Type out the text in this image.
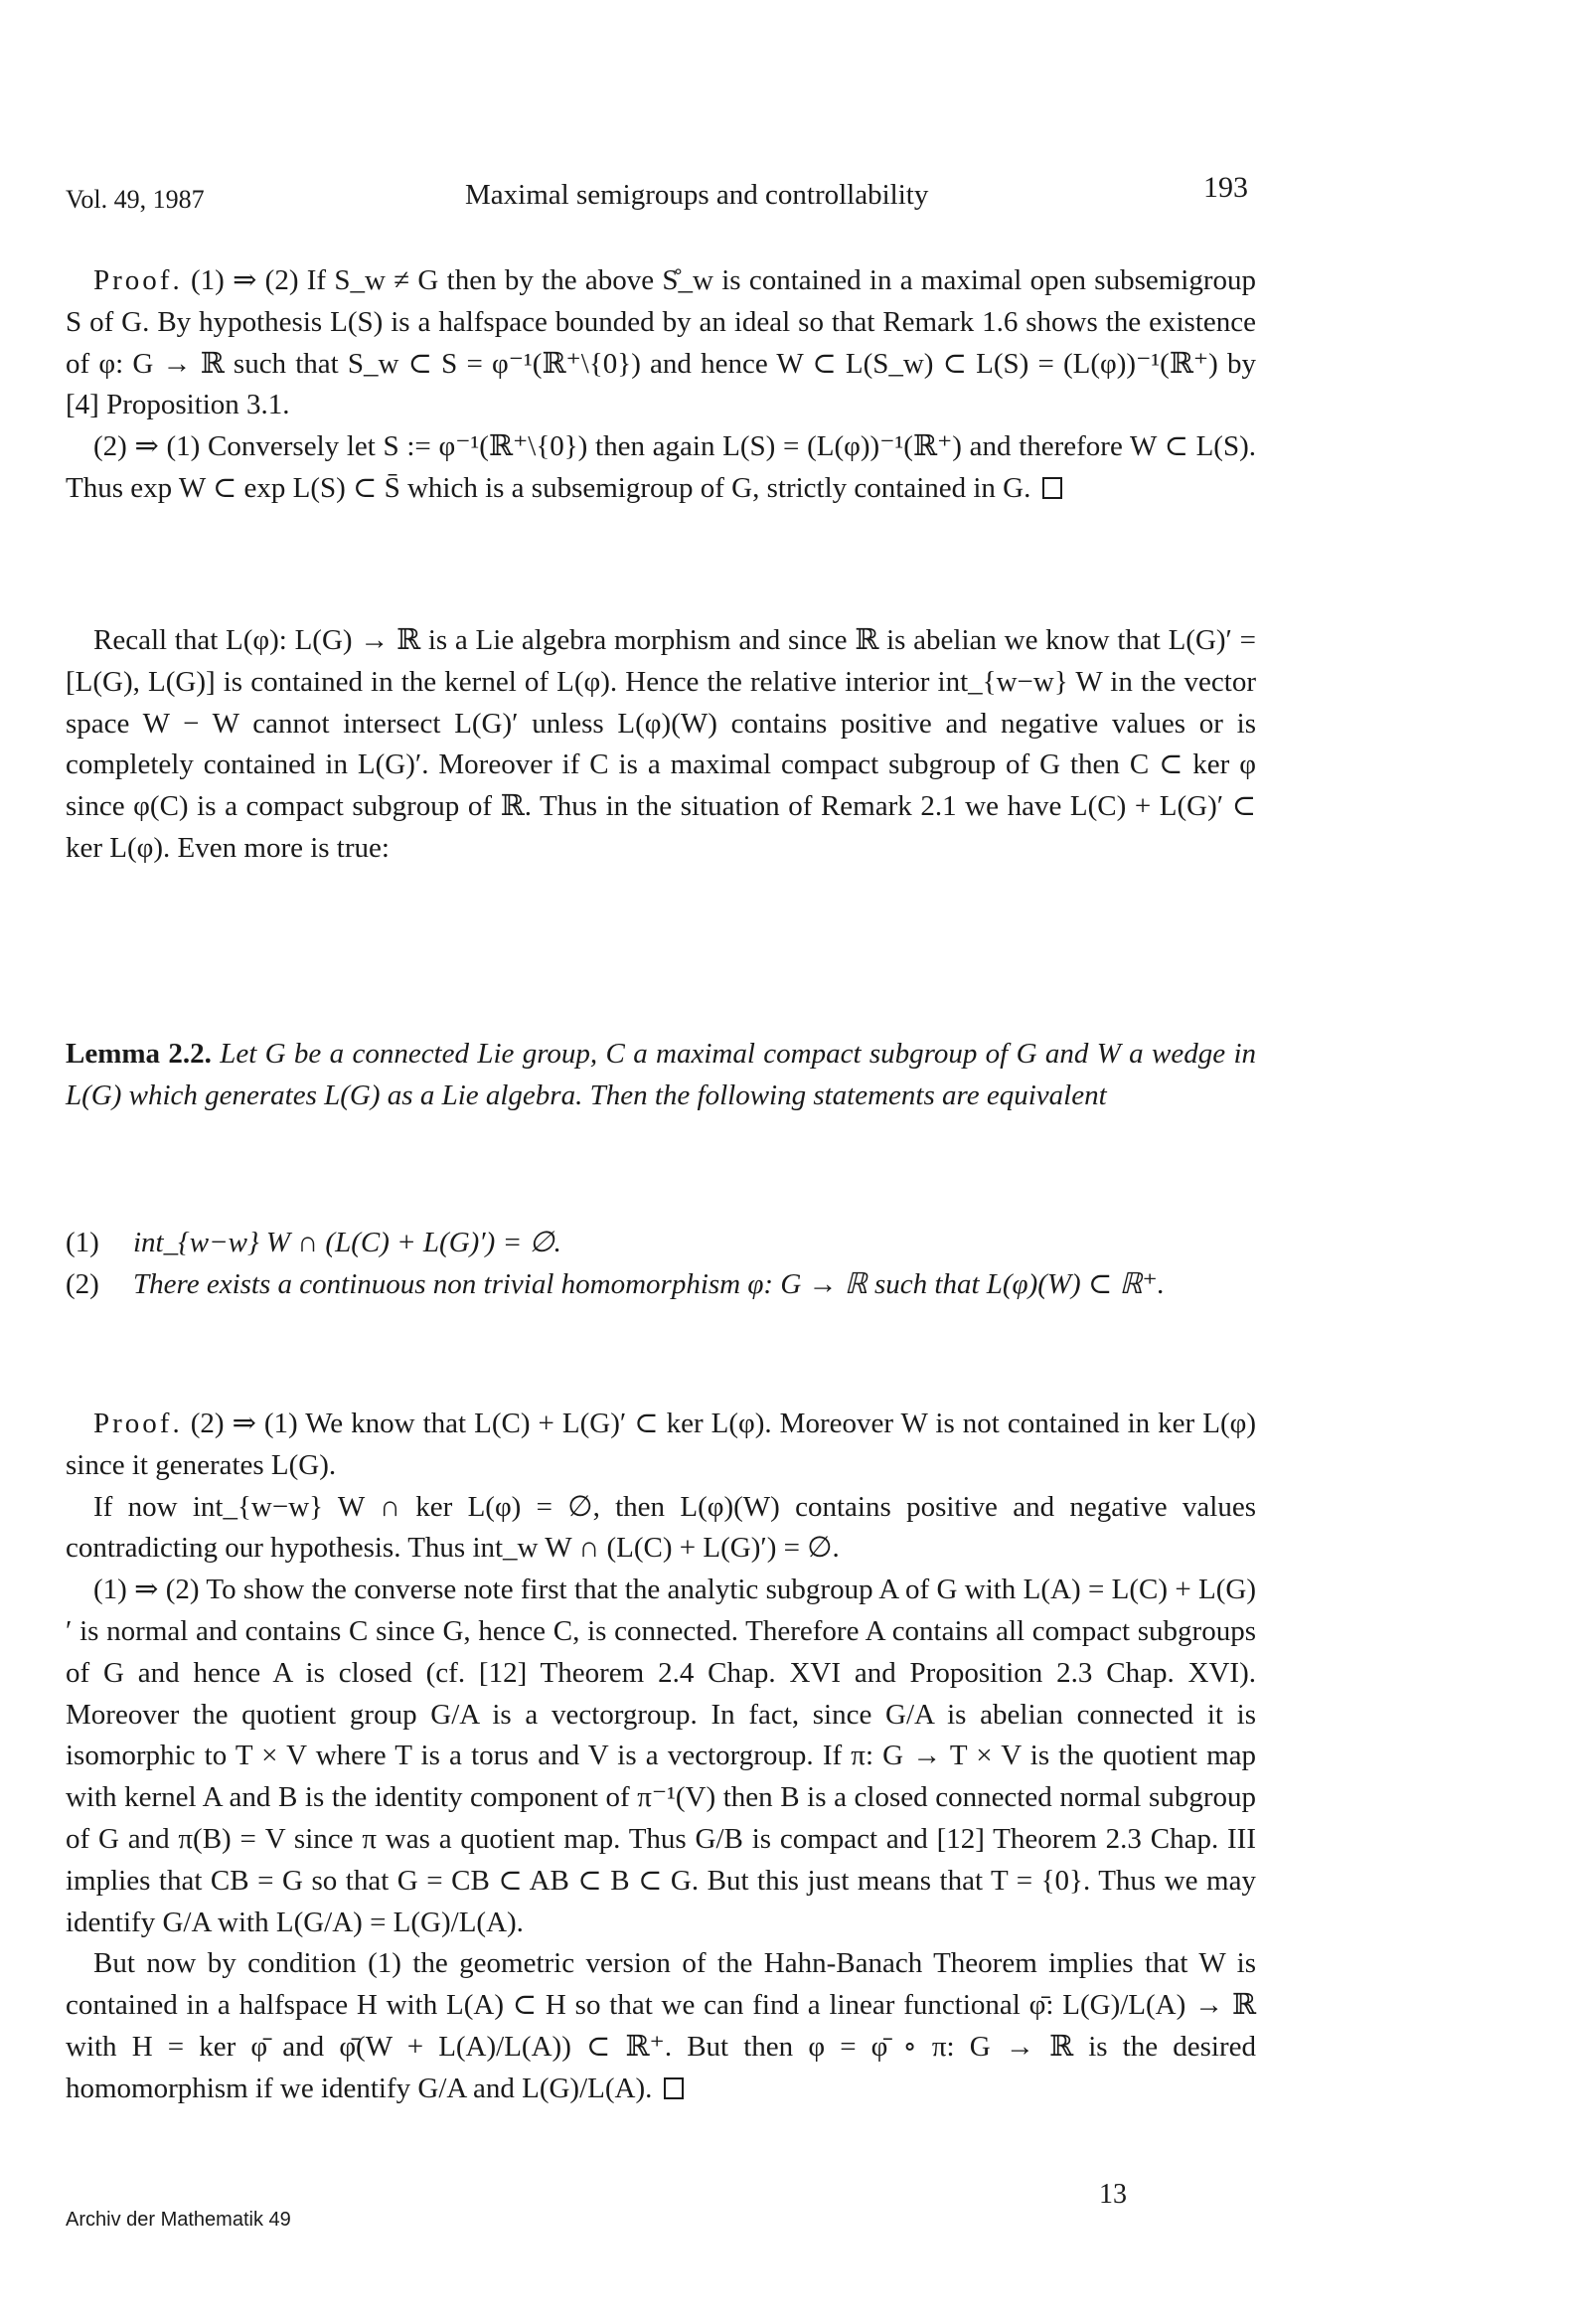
Vol. 49, 1987	Maximal semigroups and controllability	193

Proof. (1) ⇒ (2) If S_w ≠ G then by the above S̊_w is contained in a maximal open subsemigroup S of G. By hypothesis L(S) is a halfspace bounded by an ideal so that Remark 1.6 shows the existence of φ: G → ℝ such that S_w ⊂ S = φ⁻¹(ℝ⁺\{0}) and hence W ⊂ L(S_w) ⊂ L(S) = (L(φ))⁻¹(ℝ⁺) by [4] Proposition 3.1.

(2) ⇒ (1) Conversely let S := φ⁻¹(ℝ⁺\{0}) then again L(S) = (L(φ))⁻¹(ℝ⁺) and therefore W ⊂ L(S). Thus exp W ⊂ exp L(S) ⊂ S̄ which is a subsemigroup of G, strictly contained in G.

Recall that L(φ): L(G) → ℝ is a Lie algebra morphism and since ℝ is abelian we know that L(G)′ = [L(G), L(G)] is contained in the kernel of L(φ). Hence the relative interior int_{w−w} W in the vector space W − W cannot intersect L(G)′ unless L(φ)(W) contains positive and negative values or is completely contained in L(G)′. Moreover if C is a maximal compact subgroup of G then C ⊂ ker φ since φ(C) is a compact subgroup of ℝ. Thus in the situation of Remark 2.1 we have L(C) + L(G)′ ⊂ ker L(φ). Even more is true:

Lemma 2.2. Let G be a connected Lie group, C a maximal compact subgroup of G and W a wedge in L(G) which generates L(G) as a Lie algebra. Then the following statements are equivalent

(1) int_{w−w} W ∩ (L(C) + L(G)′) = ∅.
(2) There exists a continuous non trivial homomorphism φ: G → ℝ such that L(φ)(W) ⊂ ℝ⁺.

Proof. (2) ⇒ (1) We know that L(C) + L(G)′ ⊂ ker L(φ). Moreover W is not contained in ker L(φ) since it generates L(G).

If now int_{w−w} W ∩ ker L(φ) = ∅, then L(φ)(W) contains positive and negative values contradicting our hypothesis. Thus int_w W ∩ (L(C) + L(G)′) = ∅.

(1) ⇒ (2) To show the converse note first that the analytic subgroup A of G with L(A) = L(C) + L(G)′ is normal and contains C since G, hence C, is connected. Therefore A contains all compact subgroups of G and hence A is closed (cf. [12] Theorem 2.4 Chap. XVI and Proposition 2.3 Chap. XVI). Moreover the quotient group G/A is a vectorgroup. In fact, since G/A is abelian connected it is isomorphic to T × V where T is a torus and V is a vectorgroup. If π: G → T × V is the quotient map with kernel A and B is the identity component of π⁻¹(V) then B is a closed connected normal subgroup of G and π(B) = V since π was a quotient map. Thus G/B is compact and [12] Theorem 2.3 Chap. III implies that CB = G so that G = CB ⊂ AB ⊂ B ⊂ G. But this just means that T = {0}. Thus we may identify G/A with L(G/A) = L(G)/L(A).

But now by condition (1) the geometric version of the Hahn-Banach Theorem implies that W is contained in a halfspace H with L(A) ⊂ H so that we can find a linear functional φ̄: L(G)/L(A) → ℝ with H = ker φ̄ and φ̄(W + L(A)/L(A)) ⊂ ℝ⁺. But then φ = φ̄ ∘ π: G → ℝ is the desired homomorphism if we identify G/A and L(G)/L(A).

Archiv der Mathematik 49
13
